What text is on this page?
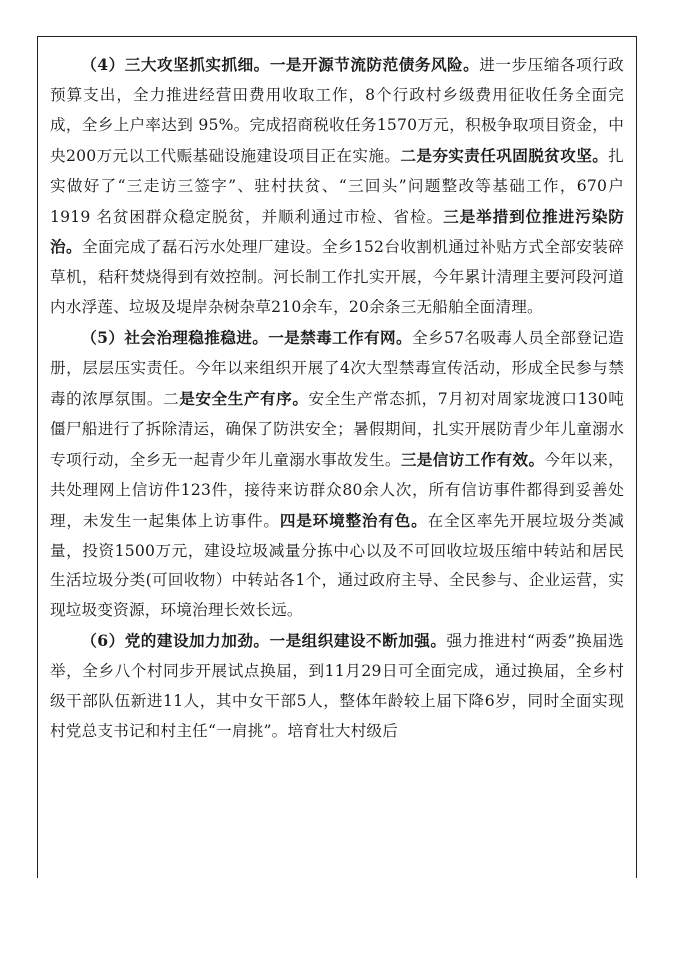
（4）三大攻坚抓实抓细。一是开源节流防范债务风险。进一步压缩各项行政预算支出，全力推进经营田费用收取工作，8个行政村乡级费用征收任务全面完成，全乡上户率达到 95%。完成招商税收任务1570万元，积极争取项目资金，中央200万元以工代赈基础设施建设项目正在实施。二是夯实责任巩固脱贫攻坚。扎实做好了“三走访三签字”、驻村扶贫、“三回头”问题整改等基础工作，670户 1919 名贫困群众稳定脱贫，并顺利通过市检、省检。三是举措到位推进污染防治。全面完成了磊石污水处理厂建设。全乡152台收割机通过补贴方式全部安装碎草机，秸秆焚烧得到有效控制。河长制工作扎实开展，今年累计清理主要河段河道内水浮莲、垃圾及堤岸杂树杂草210余车，20余条三无船舶全面清理。

（5）社会治理稳推稳进。一是禁毒工作有网。全乡57名吸毒人员全部登记造册，层层压实责任。今年以来组织开展了4次大型禁毒宣传活动，形成全民参与禁毒的浓厚氛围。二是安全生产有序。安全生产常态抓，7月初对周家垅渡口130吨僵尸船进行了拆除清运，确保了防洪安全；暑假期间，扎实开展防青少年儿童溺水专项行动，全乡无一起青少年儿童溺水事故发生。三是信访工作有效。今年以来，共处理网上信访件123件，接待来访群众80余人次，所有信访事件都得到妥善处理，未发生一起集体上访事件。四是环境整治有色。在全区率先开展垃圾分类减量，投资1500万元，建设垃圾减量分拣中心以及不可回收垃圾压缩中转站和居民生活垃圾分类(可回收物）中转站各1个，通过政府主导、全民参与、企业运营，实现垃圾变资源，环境治理长效长远。

（6）党的建设加力加劲。一是组织建设不断加强。强力推进村“两委”换届选举，全乡八个村同步开展试点换届，到11月29日可全面完成，通过换届，全乡村级干部队伍新进11人，其中女干部5人，整体年龄较上届下降6岁，同时全面实现村党总支书记和村主任“一肩挑”。培育壮大村级后
